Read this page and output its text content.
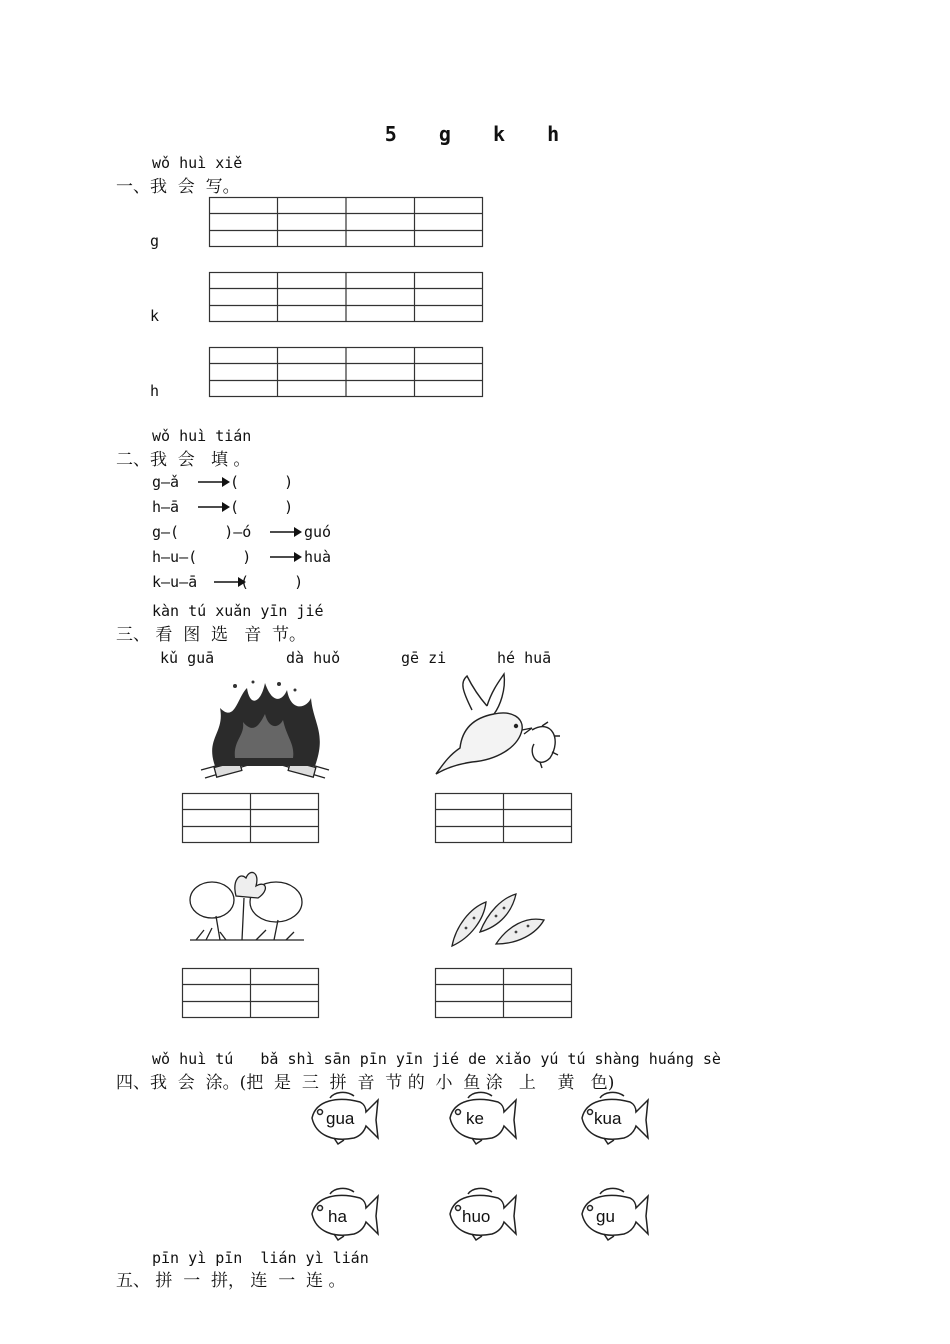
5  g  k  h
wǒ huì xiě
一、我  会  写。
g
k
h
wǒ huì tián
二、我  会   填 。
g—ǎ	(     )
h—ā	(     )
g—(     )—ó	guó
h—u—(     )	huà
k—u—ā	(     )
kàn tú xuǎn yīn jié
三、 看  图  选   音  节。
kǔ guā	dà huǒ	gē zi	hé huā
wǒ huì tú   bǎ shì sān pīn yīn jié de xiǎo yú tú shàng huáng sè
四、我  会  涂。(把  是  三  拼  音  节 的  小  鱼 涂   上    黄   色)
gua	ke	kua
ha	huo	gu
pīn yì pīn  lián yì lián
五、 拼  一  拼， 连  一  连 。
